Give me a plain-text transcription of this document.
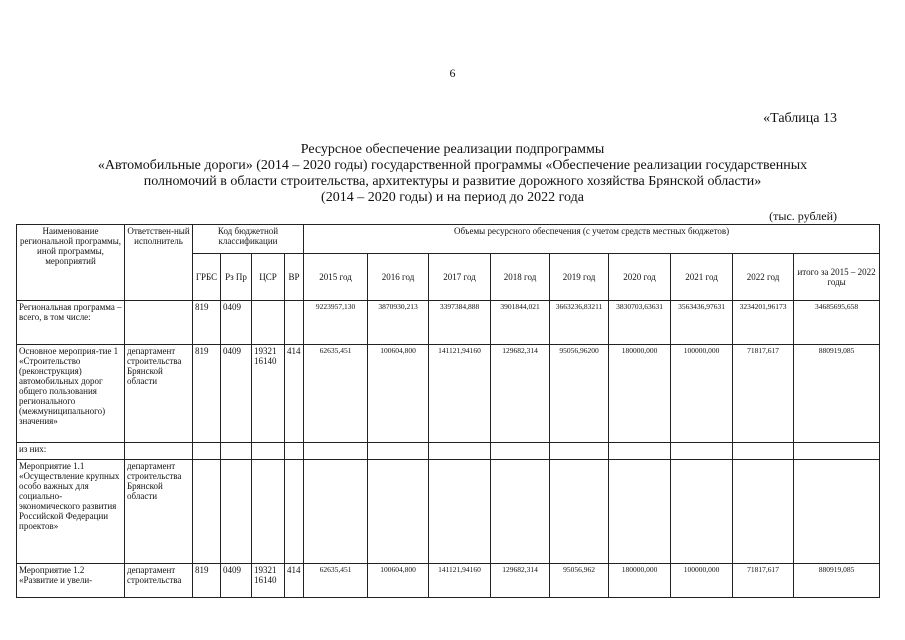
6
«Таблица 13
Ресурсное обеспечение реализации подпрограммы
«Автомобильные дороги» (2014 – 2020 годы) государственной программы «Обеспечение реализации государственных
полномочий в области строительства, архитектуры и развитие дорожного хозяйства Брянской области»
(2014 – 2020 годы) и на период до 2022 года
(тыс. рублей)
Наименование региональной программы, иной программы, мероприятий	Ответствен-ный исполнитель	Код бюджетной классификации				Объемы ресурсного обеспечения (с учетом средств местных бюджетов)								
		ГРБС	Рз Пр	ЦСР	ВР	2015 год	2016 год	2017 год	2018 год	2019 год	2020 год	2021 год	2022 год	итого за 2015 – 2022 годы
Региональная программа – всего, в том числе:		819	0409			9223957,130	3870930,213	3397384,888	3901844,021	3663236,83211	3830703,63631	3563436,97631	3234201,96173	34685695,658
Основное мероприя-тие 1 «Строительство (реконструкция) автомобильных дорог общего пользования регионального (межмуниципального) значения»	департамент строительства Брянской области	819	0409	19321 16140	414	62635,451	100604,800	141121,94160	129682,314	95056,96200	180000,000	100000,000	71817,617	880919,085
из них:														
Мероприятие 1.1 «Осуществление крупных особо важных для социально-экономического развития Российской Федерации проектов»	департамент строительства Брянской области													
Мероприятие 1.2 «Развитие и увели-	департамент строительства	819	0409	19321 16140	414	62635,451	100604,800	141121,94160	129682,314	95056,962	180000,000	100000,000	71817,617	880919,085
